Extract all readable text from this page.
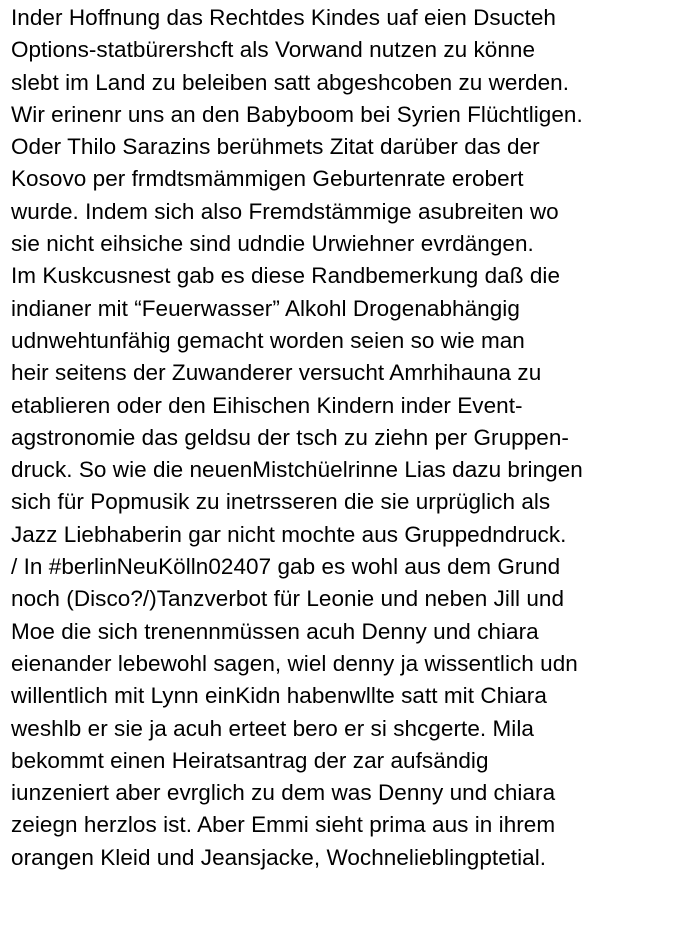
Inder Hoffnung das Rechtdes Kindes uaf eien Dsucteh
Options-statbürershcft als Vorwand nutzen zu könne
slebt im Land zu beleiben satt abgeshcoben zu werden.
Wir erinenr uns an den Babyboom bei Syrien Flüchtligen.
Oder Thilo Sarazins berühmets Zitat darüber das der
Kosovo per frmdtsmämmigen Geburtenrate erobert
wurde. Indem sich also Fremdstämmige asubreiten wo
sie nicht eihsiche sind udndie Urwiehner evrdängen.
Im Kuskcusnest gab es diese Randbemerkung daß die
indianer mit “Feuerwasser” Alkohl Drogenabhängig
udnwehtunfähig gemacht worden seien so wie man
heir seitens der Zuwanderer versucht Amrhihauna zu
etablieren oder den Eihischen Kindern inder Event-
agstronomie das geldsu der tsch zu ziehn per Gruppen-
druck. So wie die neuenMistchüelrinne Lias dazu bringen
sich für Popmusik zu inetrsseren die sie urprüglich als
Jazz Liebhaberin gar nicht mochte aus Gruppedndruck.
/ In #berlinNeuKölln02407 gab es wohl aus dem Grund
noch (Disco?/)Tanzverbot für Leonie und neben Jill und
Moe die sich trenennmüssen acuh Denny und chiara
eienander lebewohl sagen, wiel denny ja wissentlich udn
willentlich mit Lynn einKidn habenwllte satt mit Chiara
weshlb er sie ja acuh erteet bero er si shcgerte. Mila
bekommt einen Heiratsantrag der zar aufsändig
iunzeniert aber evrglich zu dem was Denny und chiara
zeiegn herzlos ist. Aber Emmi sieht prima aus in ihrem
orangen Kleid und Jeansjacke, Wochnelieblingptetial.
